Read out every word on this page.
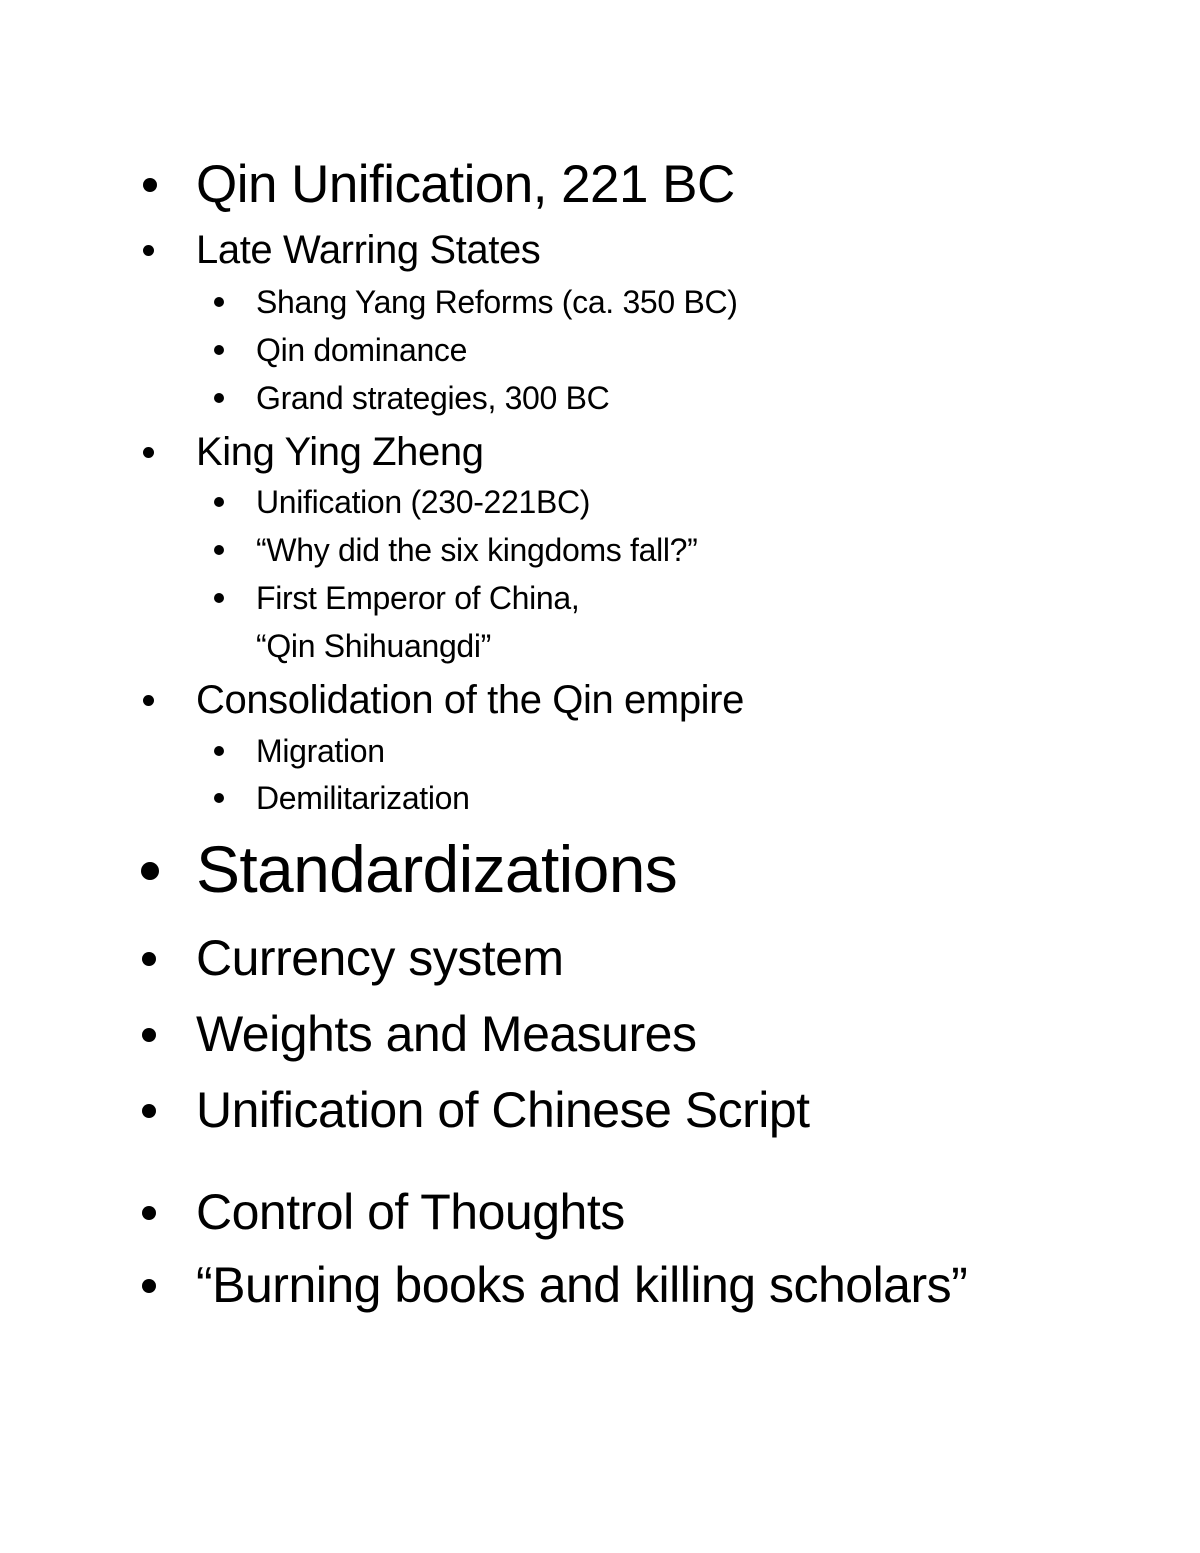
Qin Unification, 221 BC
Late Warring States
Shang Yang Reforms (ca. 350 BC)
Qin dominance
Grand strategies, 300 BC
King Ying Zheng
Unification (230-221BC)
“Why did the six kingdoms fall?”
First Emperor of China,
“Qin Shihuangdi”
Consolidation of the Qin empire
Migration
Demilitarization
Standardizations
Currency system
Weights and Measures
Unification of Chinese Script
Control of Thoughts
“Burning books and killing scholars”
